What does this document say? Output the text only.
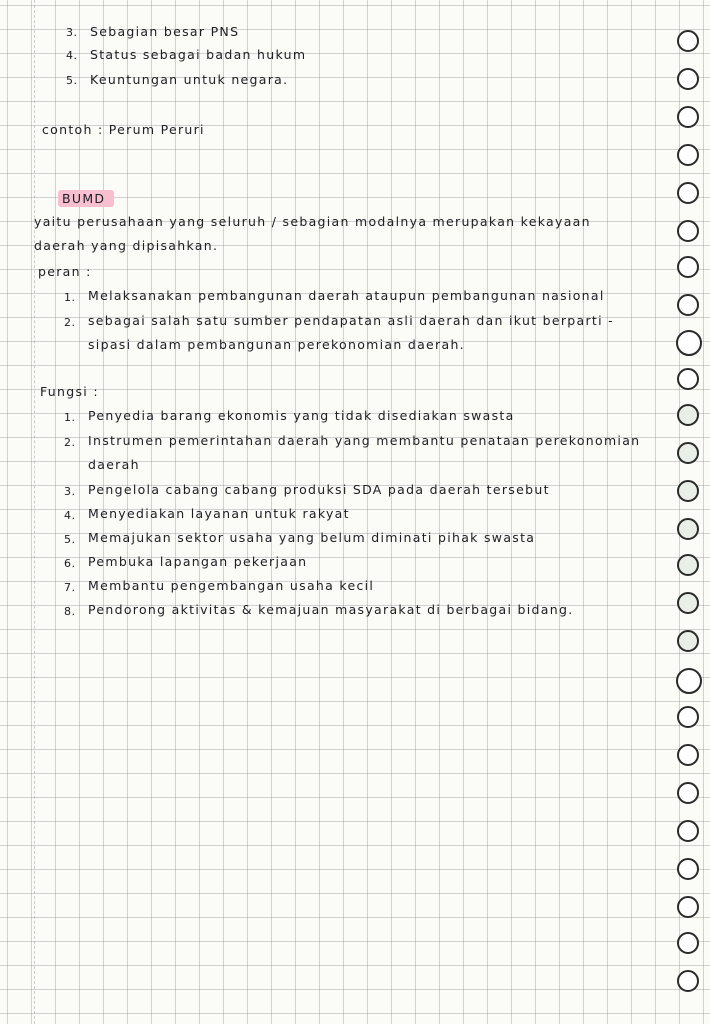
3. Sebagian besar PNS
4. Status sebagai badan hukum
5. Keuntungan untuk negara.
contoh : Perum Peruri
BUMD
yaitu perusahaan yang seluruh / sebagian modalnya merupakan kekayaan
daerah yang dipisahkan.
peran :
1. Melaksanakan pembangunan daerah ataupun pembangunan nasional
2. sebagai salah satu sumber pendapatan asli daerah dan ikut berparti -
sipasi dalam pembangunan perekonomian daerah.
Fungsi :
1. Penyedia barang ekonomis yang tidak disediakan swasta
2. Instrumen pemerintahan daerah yang membantu penataan perekonomian
daerah
3. Pengelola cabang cabang produksi SDA pada daerah tersebut
4. Menyediakan layanan untuk rakyat
5. Memajukan sektor usaha yang belum diminati pihak swasta
6. Pembuka lapangan pekerjaan
7. Membantu pengembangan usaha kecil
8. Pendorong aktivitas & kemajuan masyarakat di berbagai bidang.
